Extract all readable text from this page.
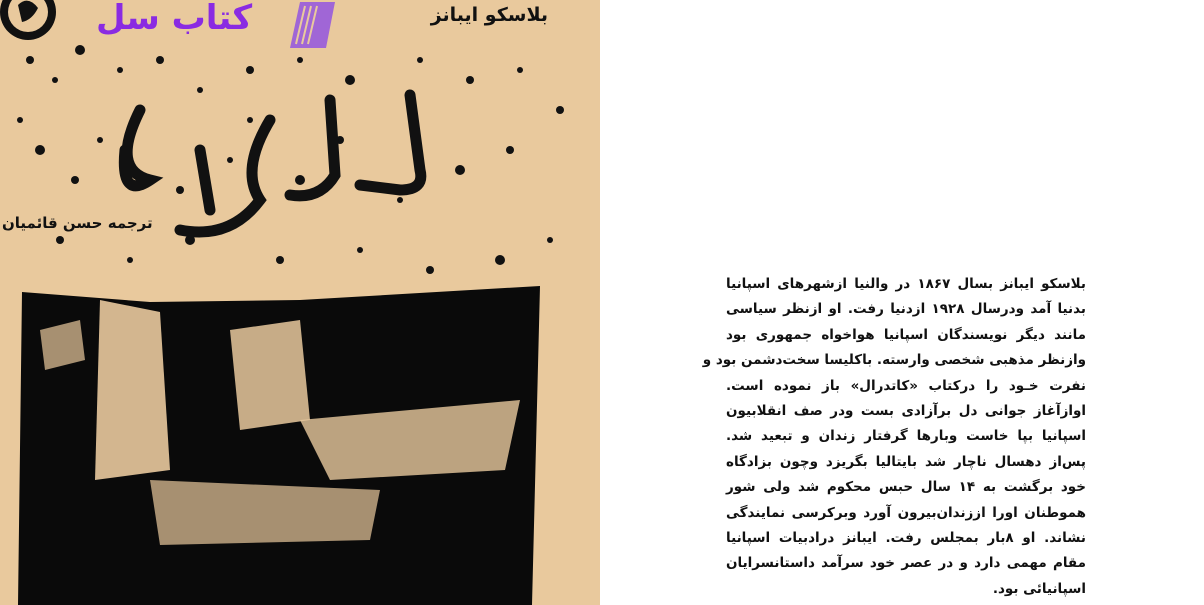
کتاب سل	بلاسکو ایبانز
ترجمه حسن قائمیان
بلاسکو ایبانز بسال ۱۸۶۷ در والنیا ازشهرهای اسپانیا
بدنیا آمد ودرسال ۱۹۲۸ ازدنیا رفت. او ازنظر سیاسی
مانند دیگر نویسندگان اسپانیا هواخواه جمهوری بود
وازنظر مذهبی شخصی وارسته. باکلیسا سخت‌دشمن بود و
نفرت خـود را درکتاب «کاتدرال» باز نموده است.
اوازآغاز جوانی دل برآزادی بست ودر صف انقلابیون
اسپانیا بپا خاست وبارها گرفتار زندان و تبعید شد.
پس‌از دهسال ناچار شد بایتالیا بگریزد وچون بزادگاه
خود برگشت به ۱۴ سال حبس محکوم شد ولی شور
هموطنان اورا اززندان‌بیرون آورد وبرکرسی نمایندگی
نشاند. او ۸بار بمجلس رفت. ایبانز درادبیات اسپانیا
مقام مهمی دارد و در عصر خود سرآمد داستانسرایان
اسپانیائی بود.
